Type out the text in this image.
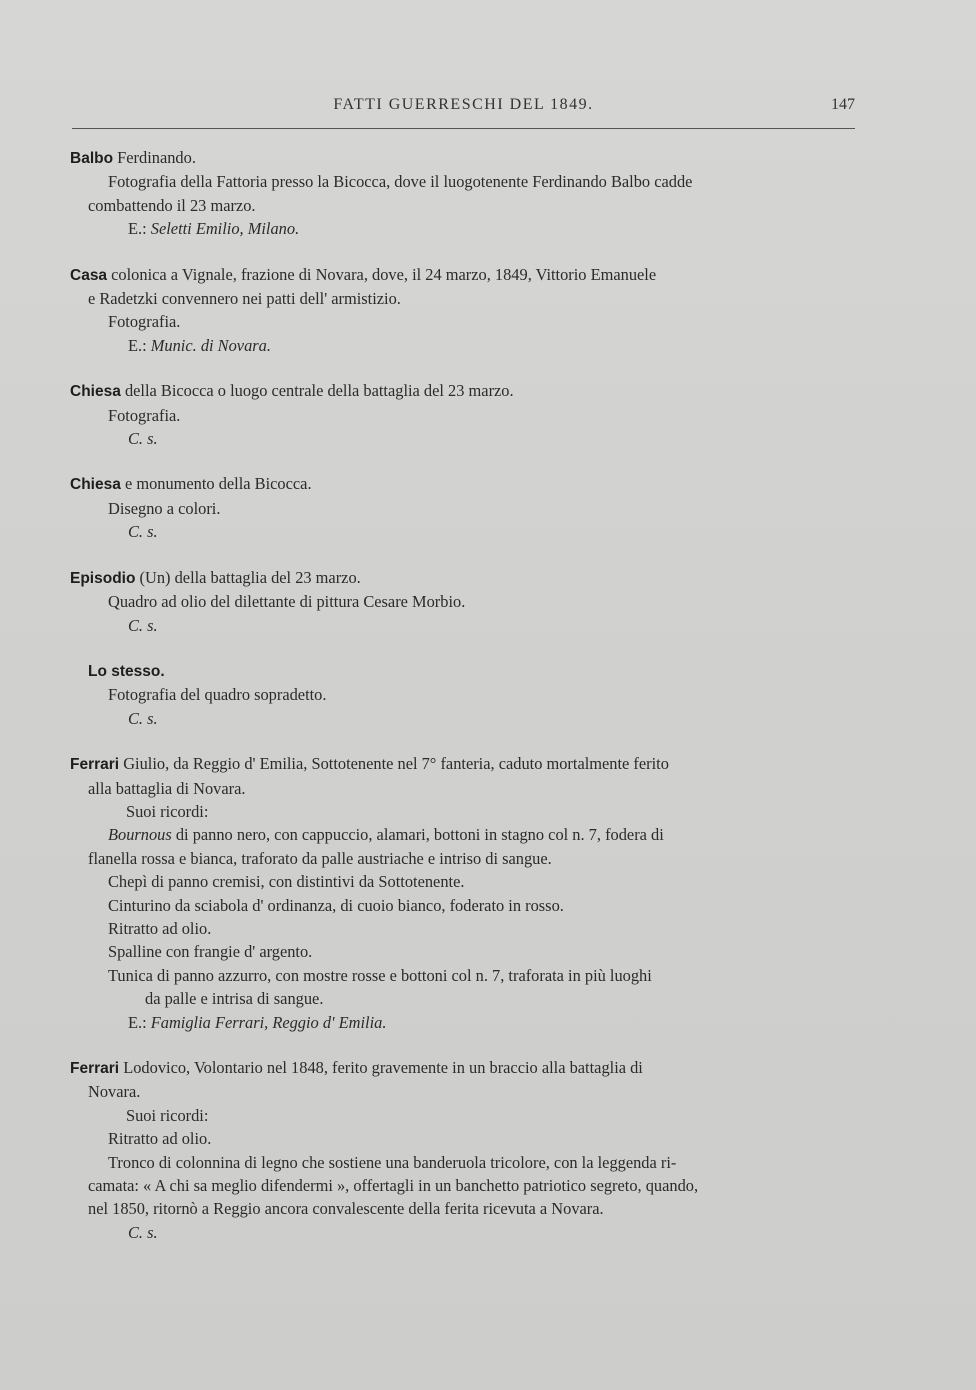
FATTI GUERRESCHI DEL 1849.	147

Balbo Ferdinando.

Fotografia della Fattoria presso la Bicocca, dove il luogotenente Ferdinando Balbo cadde

combattendo il 23 marzo.

E.: Seletti Emilio, Milano.

Casa colonica a Vignale, frazione di Novara, dove, il 24 marzo, 1849, Vittorio Emanuele

e Radetzki convennero nei patti dell' armistizio.

Fotografia.

E.: Munic. di Novara.

Chiesa della Bicocca o luogo centrale della battaglia del 23 marzo.

Fotografia.

C. s.

Chiesa e monumento della Bicocca.

Disegno a colori.

C. s.

Episodio (Un) della battaglia del 23 marzo.

Quadro ad olio del dilettante di pittura Cesare Morbio.

C. s.

Lo stesso.

Fotografia del quadro sopradetto.

C. s.

Ferrari Giulio, da Reggio d' Emilia, Sottotenente nel 7° fanteria, caduto mortalmente ferito

alla battaglia di Novara.

Suoi ricordi:

Bournous di panno nero, con cappuccio, alamari, bottoni in stagno col n. 7, fodera di

flanella rossa e bianca, traforato da palle austriache e intriso di sangue.

Chepì di panno cremisi, con distintivi da Sottotenente.

Cinturino da sciabola d' ordinanza, di cuoio bianco, foderato in rosso.

Ritratto ad olio.

Spalline con frangie d' argento.

Tunica di panno azzurro, con mostre rosse e bottoni col n. 7, traforata in più luoghi

da palle e intrisa di sangue.

E.: Famiglia Ferrari, Reggio d' Emilia.

Ferrari Lodovico, Volontario nel 1848, ferito gravemente in un braccio alla battaglia di

Novara.

Suoi ricordi:

Ritratto ad olio.

Tronco di colonnina di legno che sostiene una banderuola tricolore, con la leggenda ri-

camata: « A chi sa meglio difendermi », offertagli in un banchetto patriotico segreto, quando,

nel 1850, ritornò a Reggio ancora convalescente della ferita ricevuta a Novara.

C. s.
